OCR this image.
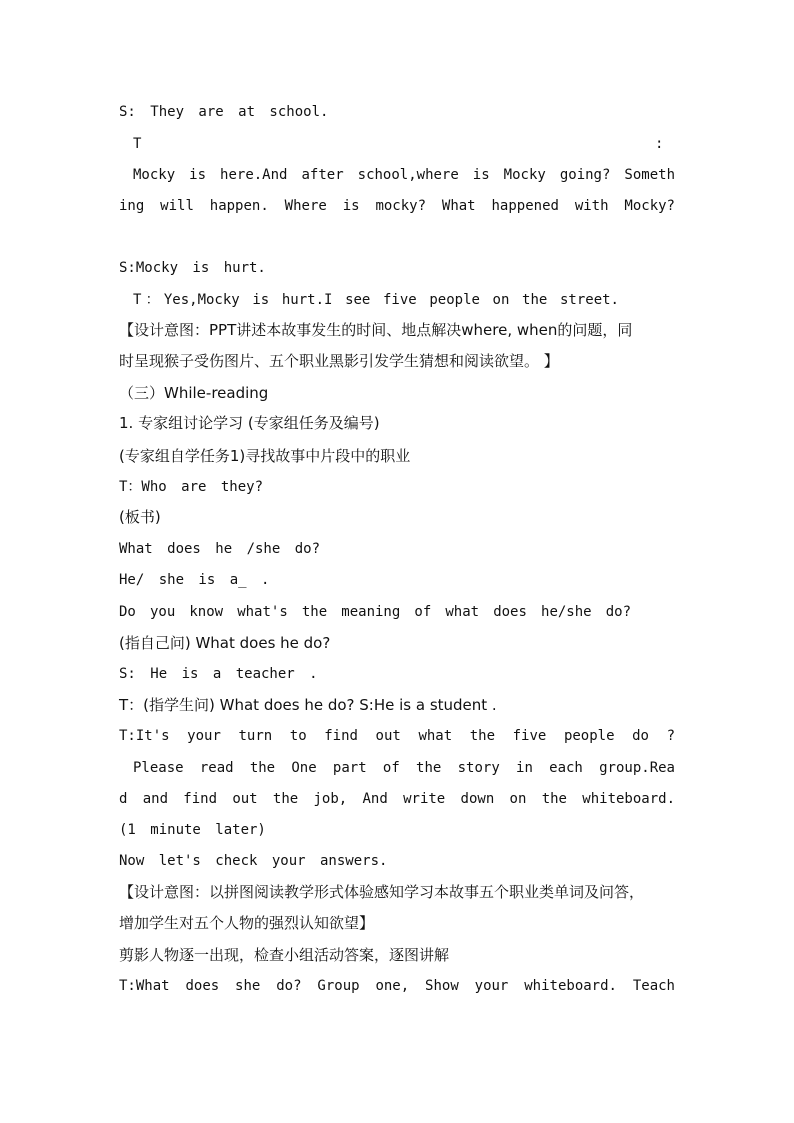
S: They are at school.
T	:
Mocky is here.And after school,where is Mocky going? Someth
ing will happen. Where is mocky? What happened with Mocky?
S:Mocky is hurt.
T：Yes,Mocky is hurt.I see five people on the street.
【设计意图：PPT讲述本故事发生的时间、地点解决where, when的问题，同
时呈现猴子受伤图片、五个职业黑影引发学生猜想和阅读欲望。 】
（三）While-reading
1. 专家组讨论学习 (专家组任务及编号)
(专家组自学任务1)寻找故事中片段中的职业
T：Who are they?
(板书)
What does he /she do?
He/ she is a_ .
Do you know what's the meaning of what does he/she do?
(指自己问) What does he do?
S: He is a teacher .
T：(指学生问) What does he do? S:He is a student .
T:It's your turn to find out what the five people do ?
Please read the One part of the story in each group.Rea
d and find out the job, And write down on the whiteboard.
(1 minute later)
Now let's check your answers.
【设计意图：以拼图阅读教学形式体验感知学习本故事五个职业类单词及问答，
增加学生对五个人物的强烈认知欲望】
剪影人物逐一出现，检查小组活动答案，逐图讲解
T:What does she do? Group one, Show your whiteboard. Teach
